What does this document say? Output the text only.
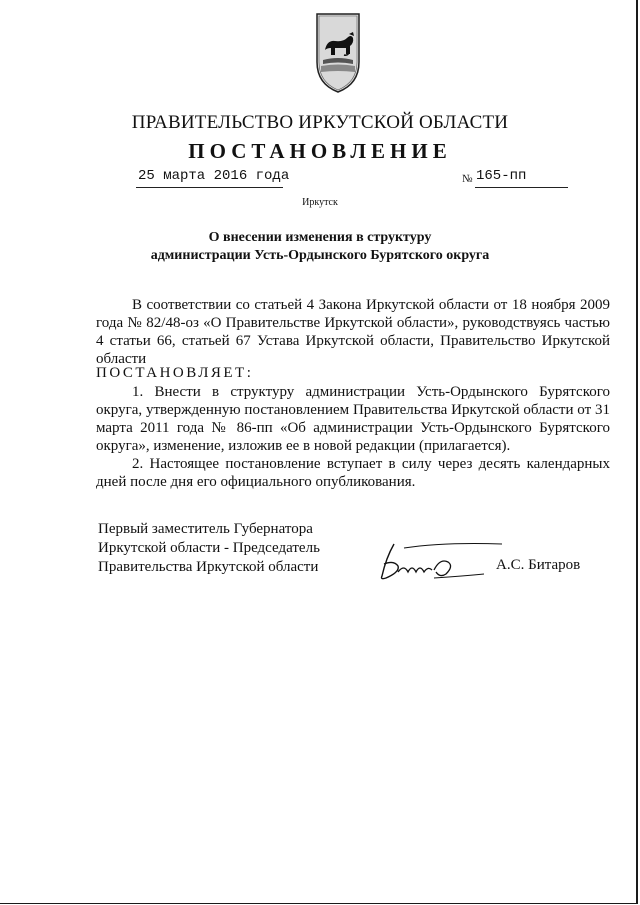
ПРАВИТЕЛЬСТВО ИРКУТСКОЙ ОБЛАСТИ
ПОСТАНОВЛЕНИЕ
25 марта 2016 года	№ 165-пп
Иркутск
О внесении изменения в структуру
администрации Усть-Ордынского Бурятского округа
В соответствии со статьей 4 Закона Иркутской области от 18 ноября 2009 года № 82/48-оз «О Правительстве Иркутской области», руководствуясь частью 4 статьи 66, статьей 67 Устава Иркутской области, Правительство Иркутской области
ПОСТАНОВЛЯЕТ:
1. Внести в структуру администрации Усть-Ордынского Бурятского округа, утвержденную постановлением Правительства Иркутской области от 31 марта 2011 года № 86-пп «Об администрации Усть-Ордынского Бурятского округа», изменение, изложив ее в новой редакции (прилагается).
2. Настоящее постановление вступает в силу через десять календарных дней после дня его официального опубликования.
Первый заместитель Губернатора
Иркутской области - Председатель
Правительства Иркутской области	А.С. Битаров
